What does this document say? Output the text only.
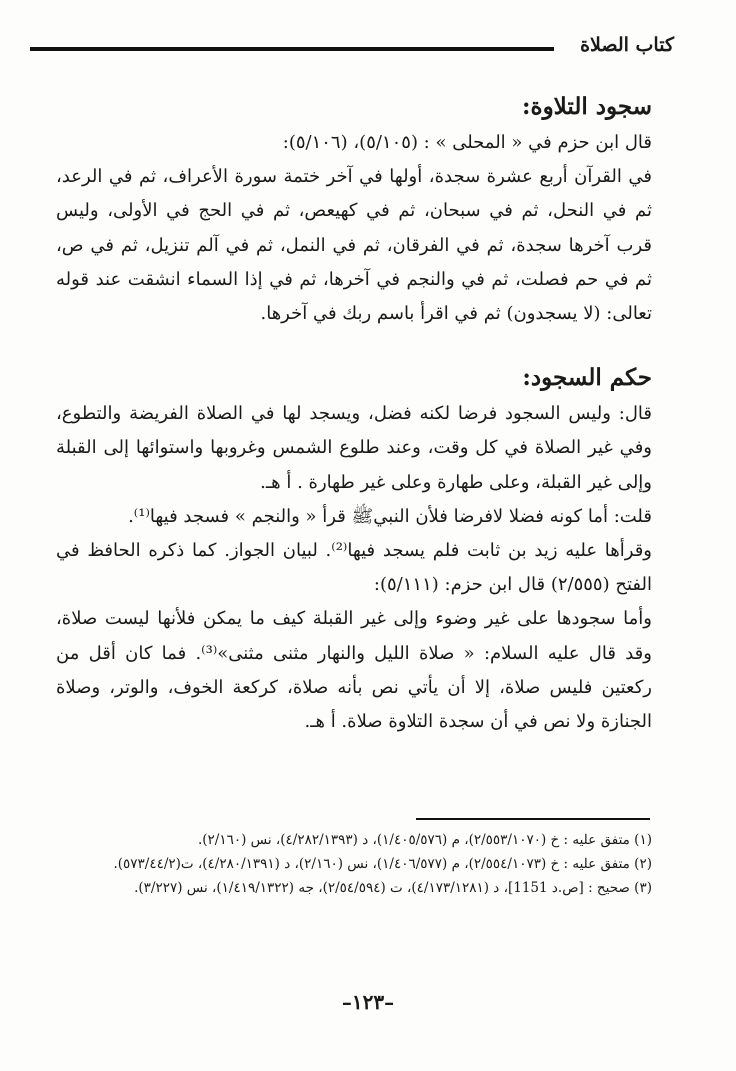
كتاب الصلاة
سجود التلاوة:

قال ابن حزم في « المحلى » : (٥/١٠٥)، (٥/١٠٦):

في القرآن أربع عشرة سجدة، أولها في آخر ختمة سورة الأعراف، ثم في الرعد، ثم في النحل، ثم في سبحان، ثم في كهيعص، ثم في الحج في الأولى، وليس قرب آخرها سجدة، ثم في الفرقان، ثم في النمل، ثم في آلم تنزيل، ثم في ص، ثم في حم فصلت، ثم في والنجم في آخرها، ثم في إذا السماء انشقت عند قوله تعالى: (لا يسجدون) ثم في اقرأ باسم ربك في آخرها.

حكم السجود:

قال: وليس السجود فرضا لكنه فضل، ويسجد لها في الصلاة الفريضة والتطوع، وفي غير الصلاة في كل وقت، وعند طلوع الشمس وغروبها واستوائها إلى القبلة وإلى غير القبلة، وعلى طهارة وعلى غير طهارة . أ هـ.

قلت: أما كونه فضلا لافرضا فلأن النبيﷺ قرأ « والنجم » فسجد فيها⁽¹⁾.

وقرأها عليه زيد بن ثابت فلم يسجد فيها⁽²⁾. لبيان الجواز. كما ذكره الحافظ في الفتح (٢/٥٥٥) قال ابن حزم: (٥/١١١):

وأما سجودها على غير وضوء وإلى غير القبلة كيف ما يمكن فلأنها ليست صلاة، وقد قال عليه السلام: « صلاة الليل والنهار مثنى مثنى»⁽³⁾. فما كان أقل من ركعتين فليس صلاة، إلا أن يأتي نص بأنه صلاة، كركعة الخوف، والوتر، وصلاة الجنازة ولا نص في أن سجدة التلاوة صلاة. أ هـ.

(١) متفق عليه : خ (٢/٥٥٣/١٠٧٠)، م (١/٤٠٥/٥٧٦)، د (٤/٢٨٢/١٣٩٣)، نس (٢/١٦٠).

(٢) متفق عليه : خ (٢/٥٥٤/١٠٧٣)، م (١/٤٠٦/٥٧٧)، نس (٢/١٦٠)، د (٤/٢٨٠/١٣٩١)، ت(٥٧٣/٤٤/٢).

(٣) صحيح : [ص.د 1151]، د (٤/١٧٣/١٢٨١)، ت (٢/٥٤/٥٩٤)، جه (١/٤١٩/١٣٢٢)، نس (٣/٢٢٧).

–١٢٣–
